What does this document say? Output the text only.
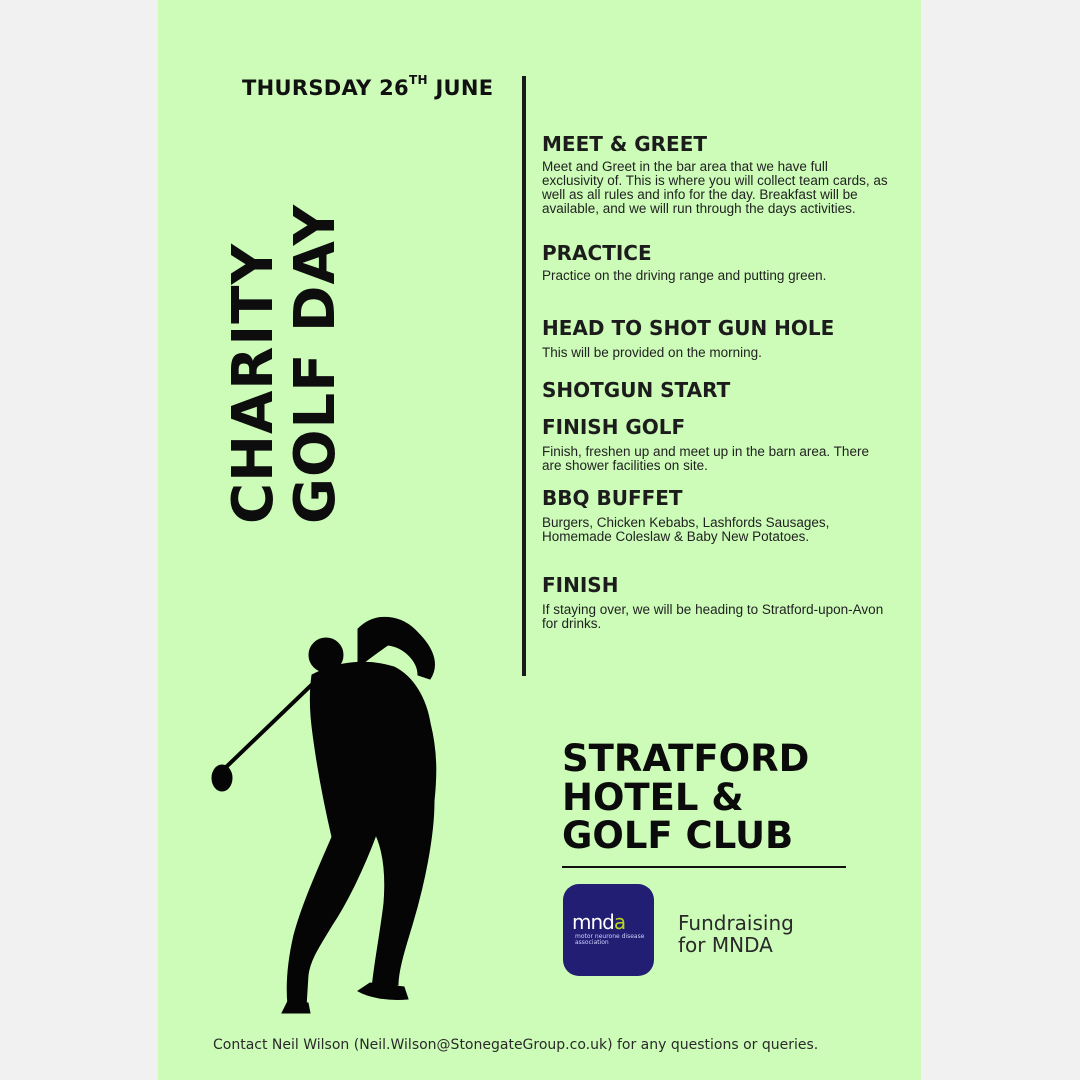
THURSDAY 26TH JUNE
CHARITY
GOLF DAY
MEET & GREET
Meet and Greet in the bar area that we have full exclusivity of. This is where you will collect team cards, as well as all rules and info for the day. Breakfast will be available, and we will run through the days activities.
PRACTICE
Practice on the driving range and putting green.
HEAD TO SHOT GUN HOLE
This will be provided on the morning.
SHOTGUN START
FINISH GOLF
Finish, freshen up and meet up in the barn area. There are shower facilities on site.
BBQ BUFFET
Burgers, Chicken Kebabs, Lashfords Sausages, Homemade Coleslaw & Baby New Potatoes.
FINISH
If staying over, we will be heading to Stratford-upon-Avon for drinks.
STRATFORD
HOTEL &
GOLF CLUB
mnda
motor neurone disease association
Fundraising
for MNDA
Contact Neil Wilson (Neil.Wilson@StonegateGroup.co.uk) for any questions or queries.
